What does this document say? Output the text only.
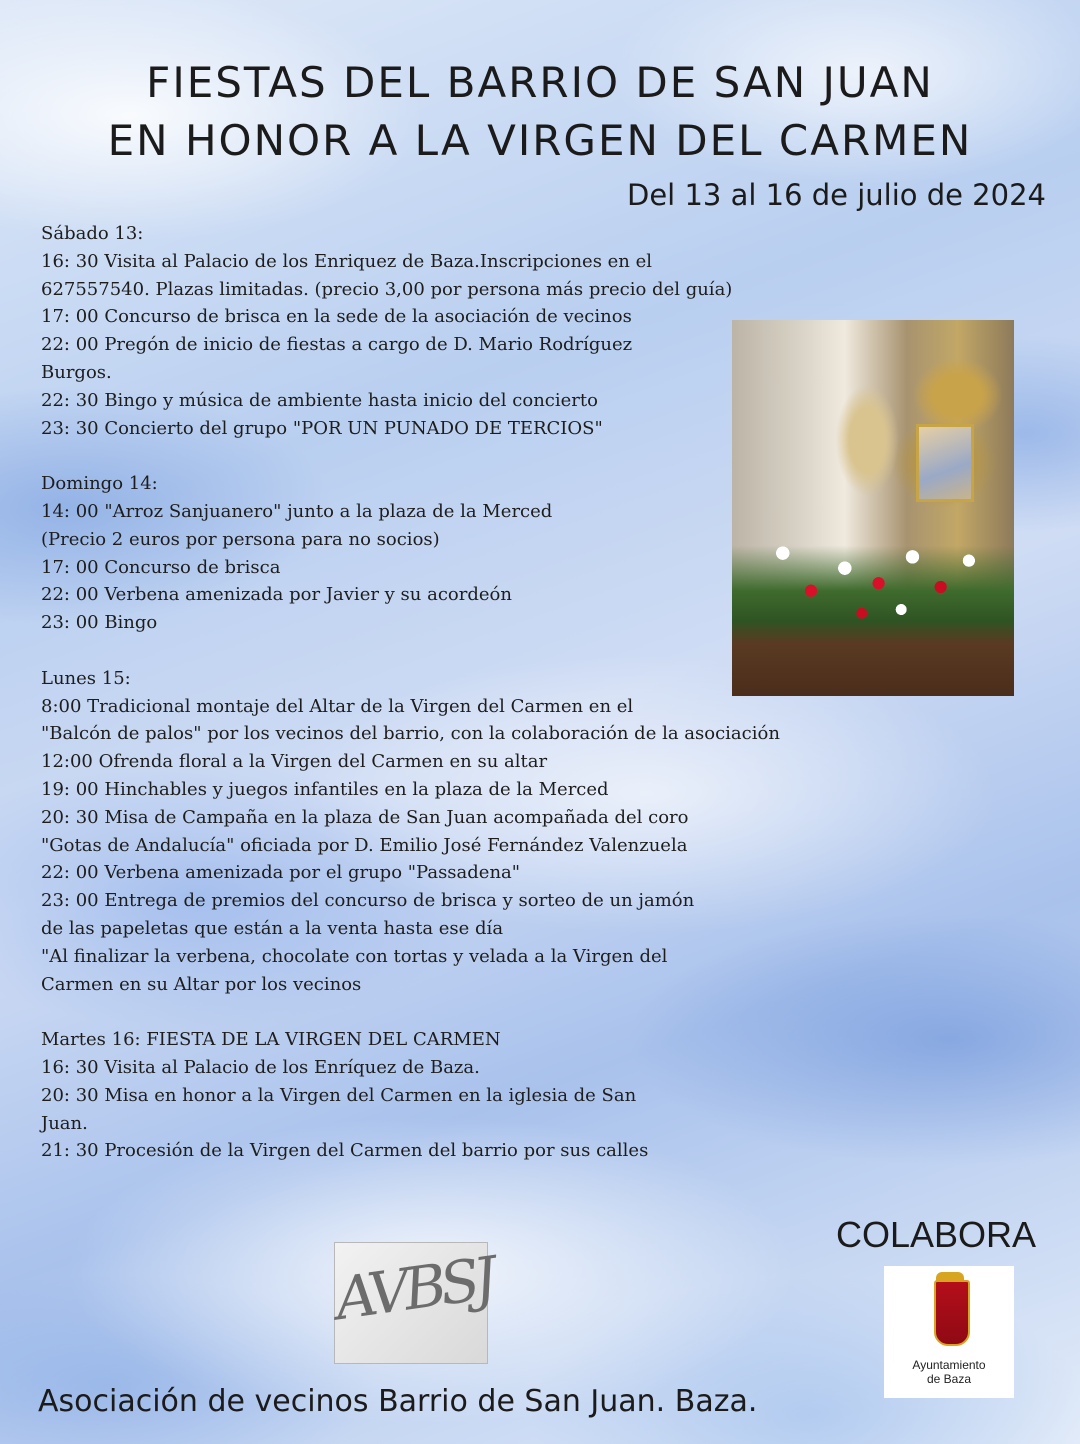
FIESTAS DEL BARRIO DE SAN JUAN
EN HONOR A LA VIRGEN DEL CARMEN
Del 13 al 16 de julio de 2024

Sábado 13:

16: 30 Visita al Palacio de los Enriquez de Baza.Inscripciones en el

627557540. Plazas limitadas. (precio 3,00 por persona más precio del guía)

17: 00 Concurso de brisca en la sede de la asociación de vecinos

22: 00 Pregón de inicio de fiestas a cargo de D. Mario Rodríguez

Burgos.

22: 30 Bingo y música de ambiente hasta inicio del concierto

23: 30 Concierto del grupo "POR UN PUNADO DE TERCIOS"

Domingo 14:

14: 00 "Arroz Sanjuanero" junto a la plaza de la Merced

(Precio 2 euros por persona para no socios)

17: 00 Concurso de brisca

22: 00 Verbena amenizada por Javier y su acordeón

23: 00 Bingo

Lunes 15:

8:00 Tradicional montaje del Altar de la Virgen del Carmen en el

"Balcón de palos" por los vecinos del barrio, con la colaboración de la asociación

12:00 Ofrenda floral a la Virgen del Carmen en su altar

19: 00 Hinchables y juegos infantiles en la plaza de la Merced

20: 30 Misa de Campaña en la plaza de San Juan acompañada del coro

"Gotas de Andalucía" oficiada por D. Emilio José Fernández Valenzuela

22: 00 Verbena amenizada por el grupo "Passadena"

23: 00 Entrega de premios del concurso de brisca y sorteo de un jamón

de las papeletas que están a la venta hasta ese día

"Al finalizar la verbena, chocolate con tortas y velada a la Virgen del

Carmen en su Altar por los vecinos

Martes 16: FIESTA DE LA VIRGEN DEL CARMEN

16: 30 Visita al Palacio de los Enríquez de Baza.

20: 30 Misa en honor a la Virgen del Carmen en la iglesia de San

Juan.

21: 30 Procesión de la Virgen del Carmen del barrio por sus calles

COLABORA
Ayuntamiento
de Baza
AVBSJ
Asociación de vecinos Barrio de San Juan. Baza.
